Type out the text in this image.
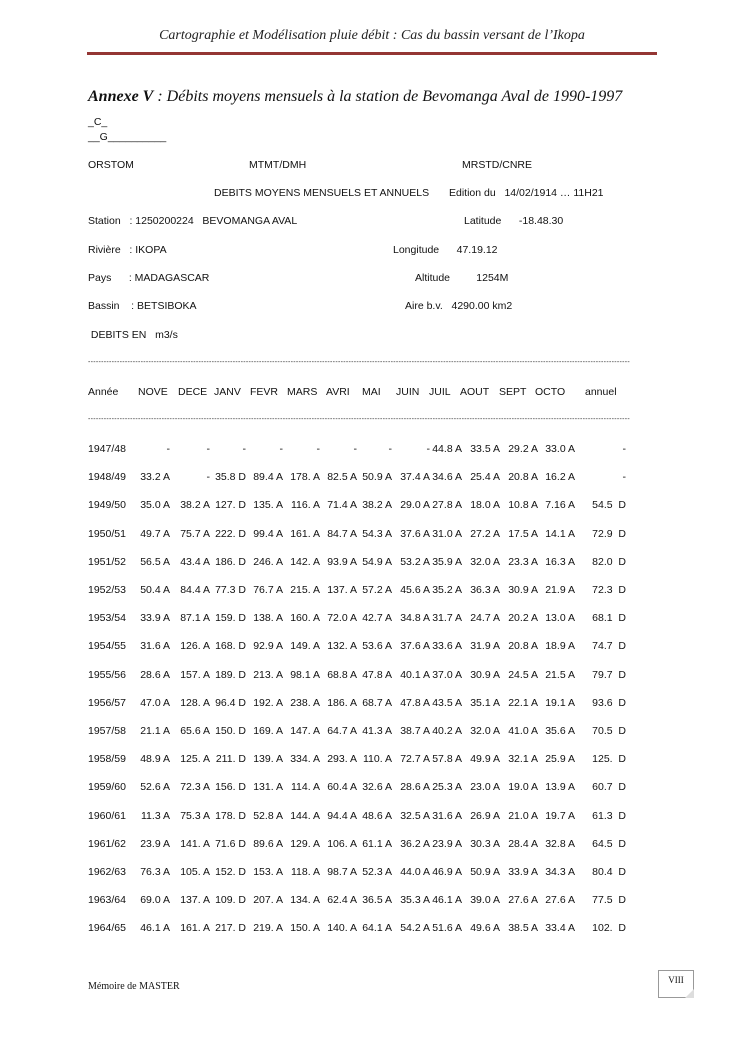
Cartographie et Modélisation pluie débit : Cas du bassin versant de l’Ikopa
Annexe V : Débits moyens mensuels à la station de Bevomanga Aval de 1990-1997
_C_
__G__________
ORSTOM	MTMT/DMH	MRSTD/CNRE
DEBITS MOYENS MENSUELS ET ANNUELS Edition du   14/02/1914 … 11H21
Station   : 1250200224   BEVOMANGA AVAL	Latitude      -18.48.30
Rivière   : IKOPA	Longitude      47.19.12
Pays      : MADAGASCAR	Altitude         1254M
Bassin    : BETSIBOKA	Aire b.v.   4290.00 km2
DEBITS EN   m3/s
--------------------------------------------------------------------------------------------------------------------------------------------------------------------------------------------------------------
Année NOVE DECE JANV FEVR MARS AVRI MAI JUIN JUIL AOUT SEPT OCTO annuel
--------------------------------------------------------------------------------------------------------------------------------------------------------------------------------------------------------------
1947/48	-	-	-	-	-	-	-	- 44.8 A 33.5 A 29.2 A 33.0 A	-
1948/49	33.2 A	- 35.8 D 89.4 A 178. A 82.5 A 50.9 A 37.4 A 34.6 A 25.4 A 20.8 A 16.2 A	-
1949/50	35.0 A 38.2 A 127. D 135. A 116. A 71.4 A 38.2 A 29.0 A 27.8 A 18.0 A 10.8 A 7.16 A	54.5  D
1950/51	49.7 A 75.7 A 222. D 99.4 A 161. A 84.7 A 54.3 A 37.6 A 31.0 A 27.2 A 17.5 A 14.1 A	72.9  D
1951/52	56.5 A 43.4 A 186. D 246. A 142. A 93.9 A 54.9 A 53.2 A 35.9 A 32.0 A 23.3 A 16.3 A	82.0  D
1952/53	50.4 A 84.4 A 77.3 D 76.7 A 215. A 137. A 57.2 A 45.6 A 35.2 A 36.3 A 30.9 A 21.9 A	72.3  D
1953/54	33.9 A 87.1 A 159. D 138. A 160. A 72.0 A 42.7 A 34.8 A 31.7 A 24.7 A 20.2 A 13.0 A	68.1  D
1954/55	31.6 A 126. A 168. D 92.9 A 149. A 132. A 53.6 A 37.6 A 33.6 A 31.9 A 20.8 A 18.9 A	74.7  D
1955/56	28.6 A 157. A 189. D 213. A 98.1 A 68.8 A 47.8 A 40.1 A 37.0 A 30.9 A 24.5 A 21.5 A	79.7  D
1956/57	47.0 A 128. A 96.4 D 192. A 238. A 186. A 68.7 A 47.8 A 43.5 A 35.1 A 22.1 A 19.1 A	93.6  D
1957/58	21.1 A 65.6 A 150. D 169. A 147. A 64.7 A 41.3 A 38.7 A 40.2 A 32.0 A 41.0 A 35.6 A	70.5  D
1958/59	48.9 A 125. A 211. D 139. A 334. A 293. A 110. A 72.7 A 57.8 A 49.9 A 32.1 A 25.9 A	125.  D
1959/60	52.6 A 72.3 A 156. D 131. A 114. A 60.4 A 32.6 A 28.6 A 25.3 A 23.0 A 19.0 A 13.9 A	60.7  D
1960/61	11.3 A 75.3 A 178. D 52.8 A 144. A 94.4 A 48.6 A 32.5 A 31.6 A 26.9 A 21.0 A 19.7 A	61.3  D
1961/62	23.9 A 141. A 71.6 D 89.6 A 129. A 106. A 61.1 A 36.2 A 23.9 A 30.3 A 28.4 A 32.8 A	64.5  D
1962/63	76.3 A 105. A 152. D 153. A 118. A 98.7 A 52.3 A 44.0 A 46.9 A 50.9 A 33.9 A 34.3 A	80.4  D
1963/64	69.0 A 137. A 109. D 207. A 134. A 62.4 A 36.5 A 35.3 A 46.1 A 39.0 A 27.6 A 27.6 A	77.5  D
1964/65	46.1 A 161. A 217. D 219. A 150. A 140. A 64.1 A 54.2 A 51.6 A 49.6 A 38.5 A 33.4 A	102.  D
Mémoire de MASTER
VIII
